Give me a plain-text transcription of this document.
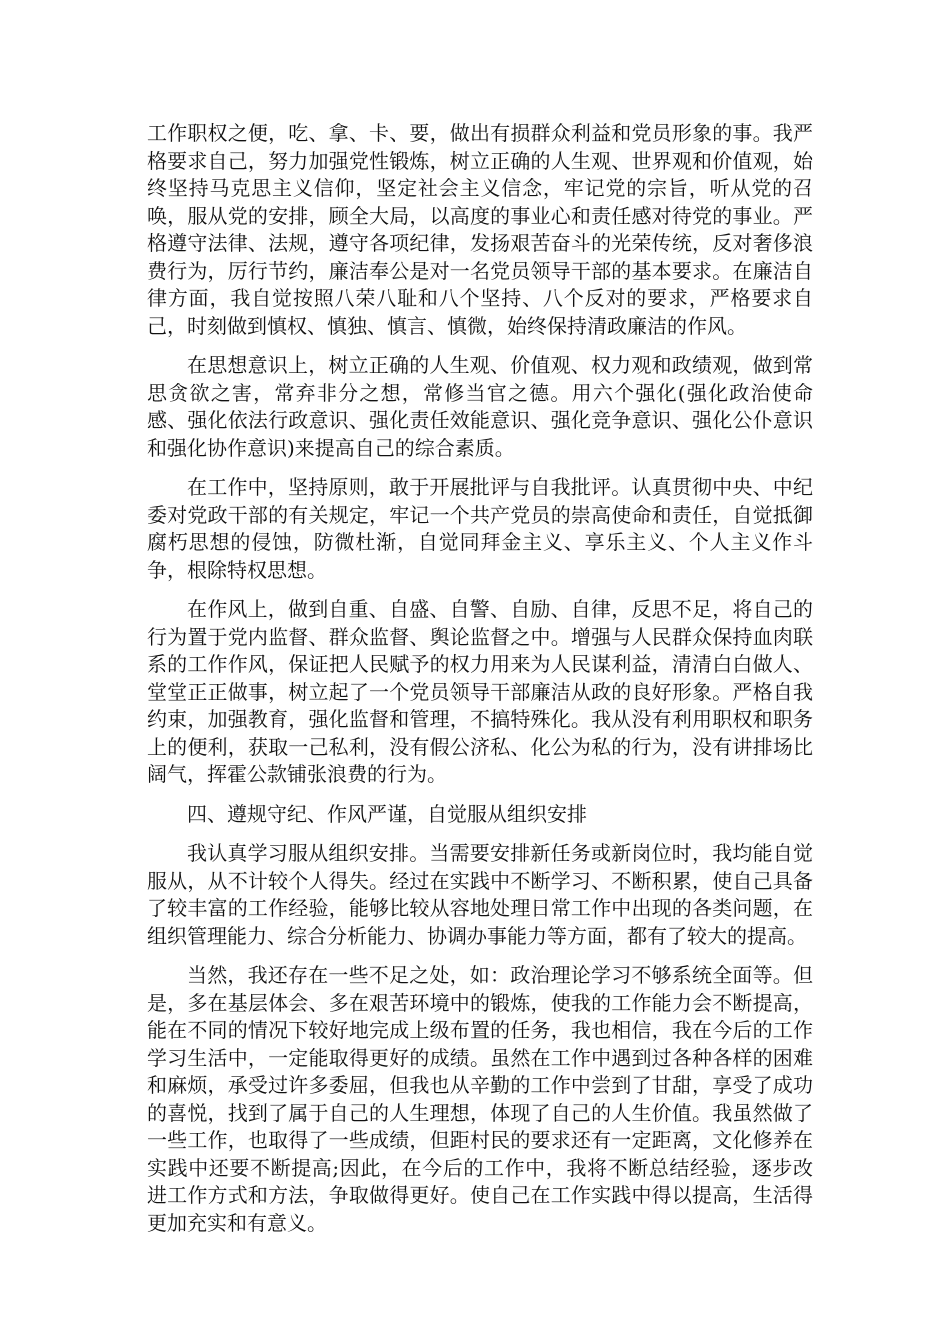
工作职权之便，吃、拿、卡、要，做出有损群众利益和党员形象的事。我严格要求自己，努力加强党性锻炼，树立正确的人生观、世界观和价值观，始终坚持马克思主义信仰，坚定社会主义信念，牢记党的宗旨，听从党的召唤，服从党的安排，顾全大局，以高度的事业心和责任感对待党的事业。严格遵守法律、法规，遵守各项纪律，发扬艰苦奋斗的光荣传统，反对奢侈浪费行为，厉行节约，廉洁奉公是对一名党员领导干部的基本要求。在廉洁自律方面，我自觉按照八荣八耻和八个坚持、八个反对的要求，严格要求自己，时刻做到慎权、慎独、慎言、慎微，始终保持清政廉洁的作风。

在思想意识上，树立正确的人生观、价值观、权力观和政绩观，做到常思贪欲之害，常弃非分之想，常修当官之德。用六个强化(强化政治使命感、强化依法行政意识、强化责任效能意识、强化竞争意识、强化公仆意识和强化协作意识)来提高自己的综合素质。

在工作中，坚持原则，敢于开展批评与自我批评。认真贯彻中央、中纪委对党政干部的有关规定，牢记一个共产党员的崇高使命和责任，自觉抵御腐朽思想的侵蚀，防微杜渐，自觉同拜金主义、享乐主义、个人主义作斗争，根除特权思想。

在作风上，做到自重、自盛、自警、自励、自律，反思不足，将自己的行为置于党内监督、群众监督、舆论监督之中。增强与人民群众保持血肉联系的工作作风，保证把人民赋予的权力用来为人民谋利益，清清白白做人、堂堂正正做事，树立起了一个党员领导干部廉洁从政的良好形象。严格自我约束，加强教育，强化监督和管理，不搞特殊化。我从没有利用职权和职务上的便利，获取一己私利，没有假公济私、化公为私的行为，没有讲排场比阔气，挥霍公款铺张浪费的行为。

四、遵规守纪、作风严谨，自觉服从组织安排

我认真学习服从组织安排。当需要安排新任务或新岗位时，我均能自觉服从，从不计较个人得失。经过在实践中不断学习、不断积累，使自己具备了较丰富的工作经验，能够比较从容地处理日常工作中出现的各类问题，在组织管理能力、综合分析能力、协调办事能力等方面，都有了较大的提高。

当然，我还存在一些不足之处，如：政治理论学习不够系统全面等。但是，多在基层体会、多在艰苦环境中的锻炼，使我的工作能力会不断提高，能在不同的情况下较好地完成上级布置的任务，我也相信，我在今后的工作学习生活中，一定能取得更好的成绩。虽然在工作中遇到过各种各样的困难和麻烦，承受过许多委屈，但我也从辛勤的工作中尝到了甘甜，享受了成功的喜悦，找到了属于自己的人生理想，体现了自己的人生价值。我虽然做了一些工作，也取得了一些成绩，但距村民的要求还有一定距离，文化修养在实践中还要不断提高;因此，在今后的工作中，我将不断总结经验，逐步改进工作方式和方法，争取做得更好。使自己在工作实践中得以提高，生活得更加充实和有意义。
